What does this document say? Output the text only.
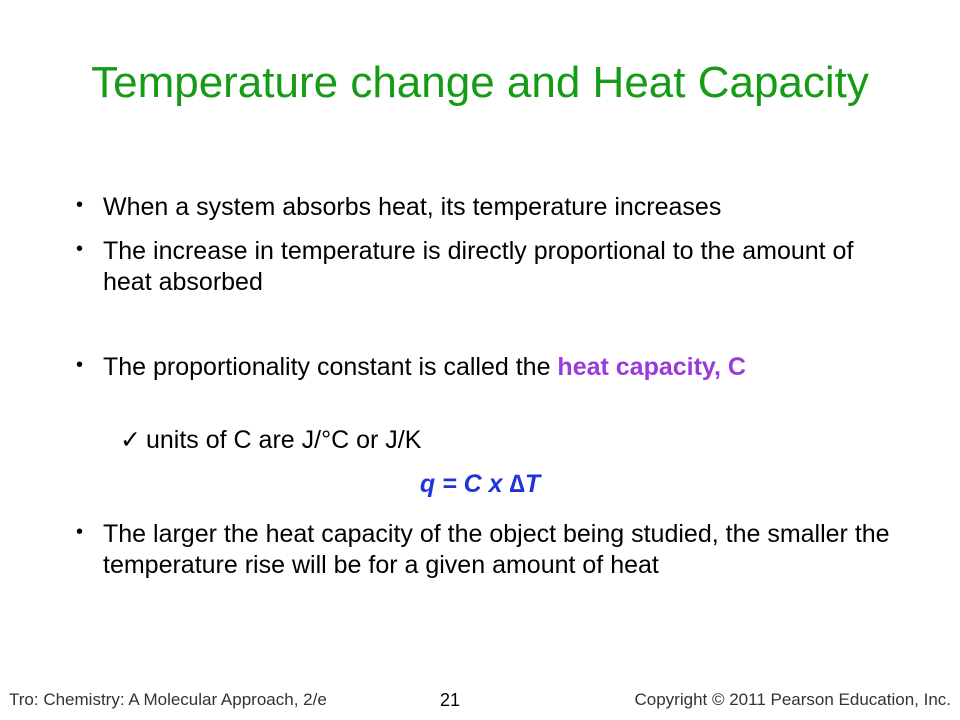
Temperature change and Heat Capacity
• When a system absorbs heat, its temperature increases
• The increase in temperature is directly proportional to the amount of heat absorbed
• The proportionality constant is called the heat capacity, C
✓ units of C are J/°C or J/K
q = C x ∆T
• The larger the heat capacity of the object being studied, the smaller the temperature rise will be for a given amount of heat
Tro: Chemistry: A Molecular Approach, 2/e	21	Copyright © 2011 Pearson Education, Inc.
